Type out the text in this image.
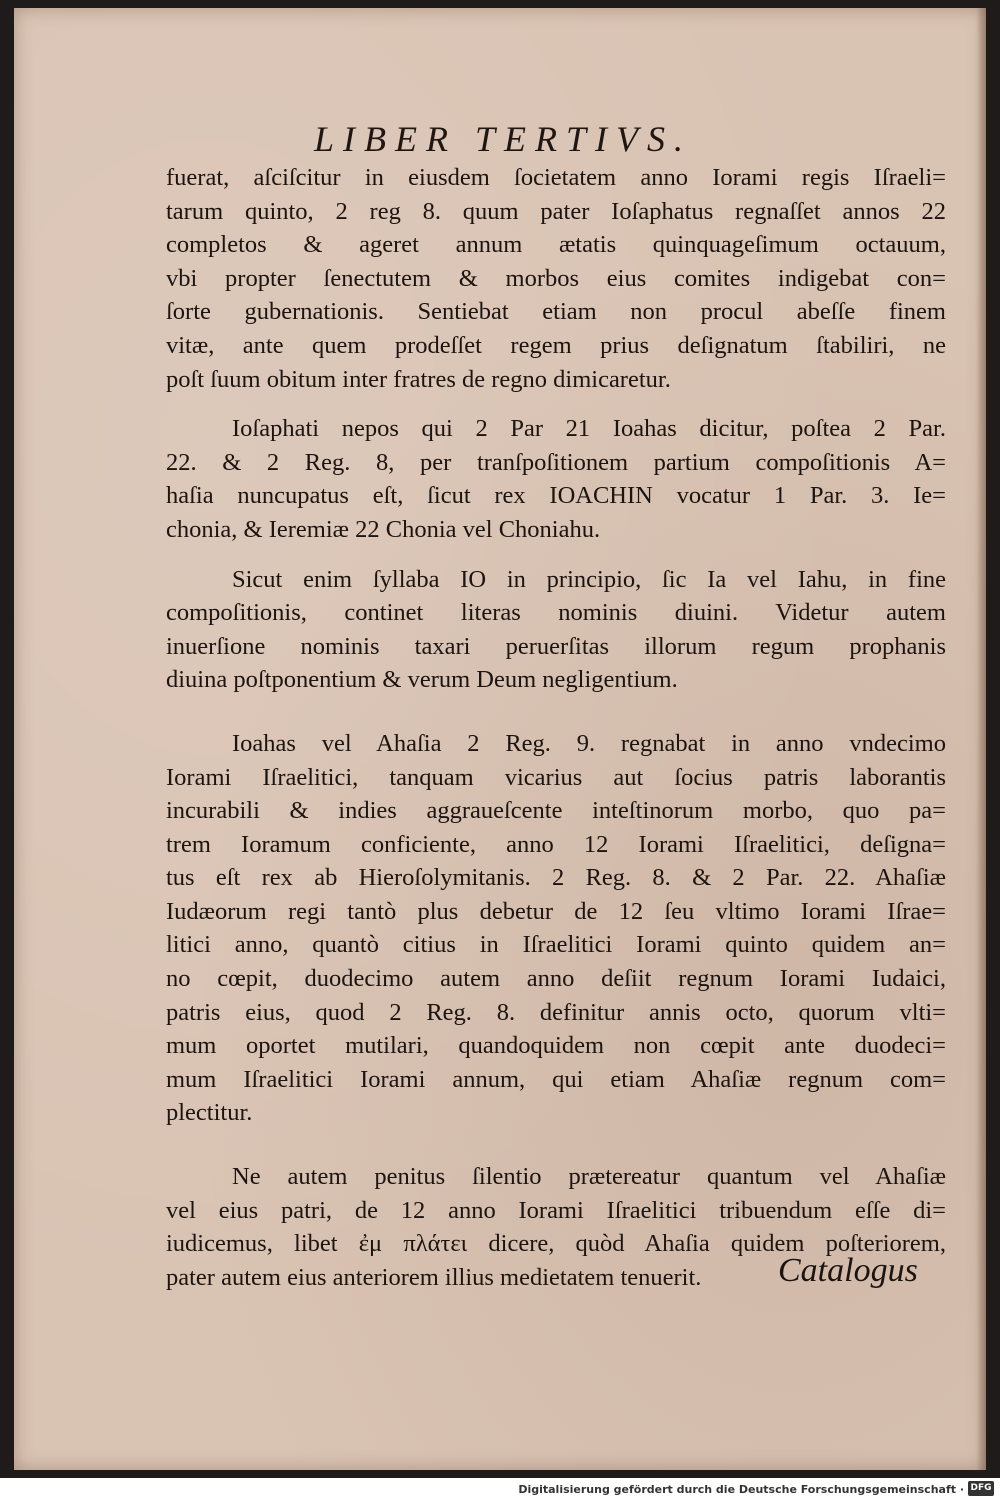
LIBER TERTIVS.
fuerat, aſciſcitur in eiusdem ſocietatem anno Iorami regis Iſraeli=
tarum quinto, 2 reg 8. quum pater Ioſaphatus regnaſſet annos 22
completos & ageret annum ætatis quinquageſimum octauum,
vbi propter ſenectutem & morbos eius comites indigebat con=
ſorte gubernationis. Sentiebat etiam non procul abeſſe finem
vitæ, ante quem prodeſſet regem prius deſignatum ſtabiliri, ne
poſt ſuum obitum inter fratres de regno dimicaretur.
Ioſaphati nepos qui 2 Par 21 Ioahas dicitur, poſtea 2 Par.
22. & 2 Reg. 8, per tranſpoſitionem partium compoſitionis A=
haſia nuncupatus eſt, ſicut rex IOACHIN vocatur 1 Par. 3. Ie=
chonia, & Ieremiæ 22 Chonia vel Choniahu.
Sicut enim ſyllaba IO in principio, ſic Ia vel Iahu, in fine
compoſitionis, continet literas nominis diuini. Videtur autem
inuerſione nominis taxari peruerſitas illorum regum prophanis
diuina poſtponentium & verum Deum negligentium.
Ioahas vel Ahaſia 2 Reg. 9. regnabat in anno vndecimo
Iorami Iſraelitici, tanquam vicarius aut ſocius patris laborantis
incurabili & indies aggraueſcente inteſtinorum morbo, quo pa=
trem Ioramum conficiente, anno 12 Iorami Iſraelitici, deſigna=
tus eſt rex ab Hieroſolymitanis. 2 Reg. 8. & 2 Par. 22. Ahaſiæ
Iudæorum regi tantò plus debetur de 12 ſeu vltimo Iorami Iſrae=
litici anno, quantò citius in Iſraelitici Iorami quinto quidem an=
no cœpit, duodecimo autem anno deſiit regnum Iorami Iudaici,
patris eius, quod 2 Reg. 8. definitur annis octo, quorum vlti=
mum oportet mutilari, quandoquidem non cœpit ante duodeci=
mum Iſraelitici Iorami annum, qui etiam Ahaſiæ regnum com=
plectitur.
Ne autem penitus ſilentio prætereatur quantum vel Ahaſiæ
vel eius patri, de 12 anno Iorami Iſraelitici tribuendum eſſe di=
iudicemus, libet ἐμ πλάτει dicere, quòd Ahaſia quidem poſteriorem,
pater autem eius anteriorem illius medietatem tenuerit.	Catalogus
Digitalisierung gefördert durch die Deutsche Forschungsgemeinschaft · DFG
